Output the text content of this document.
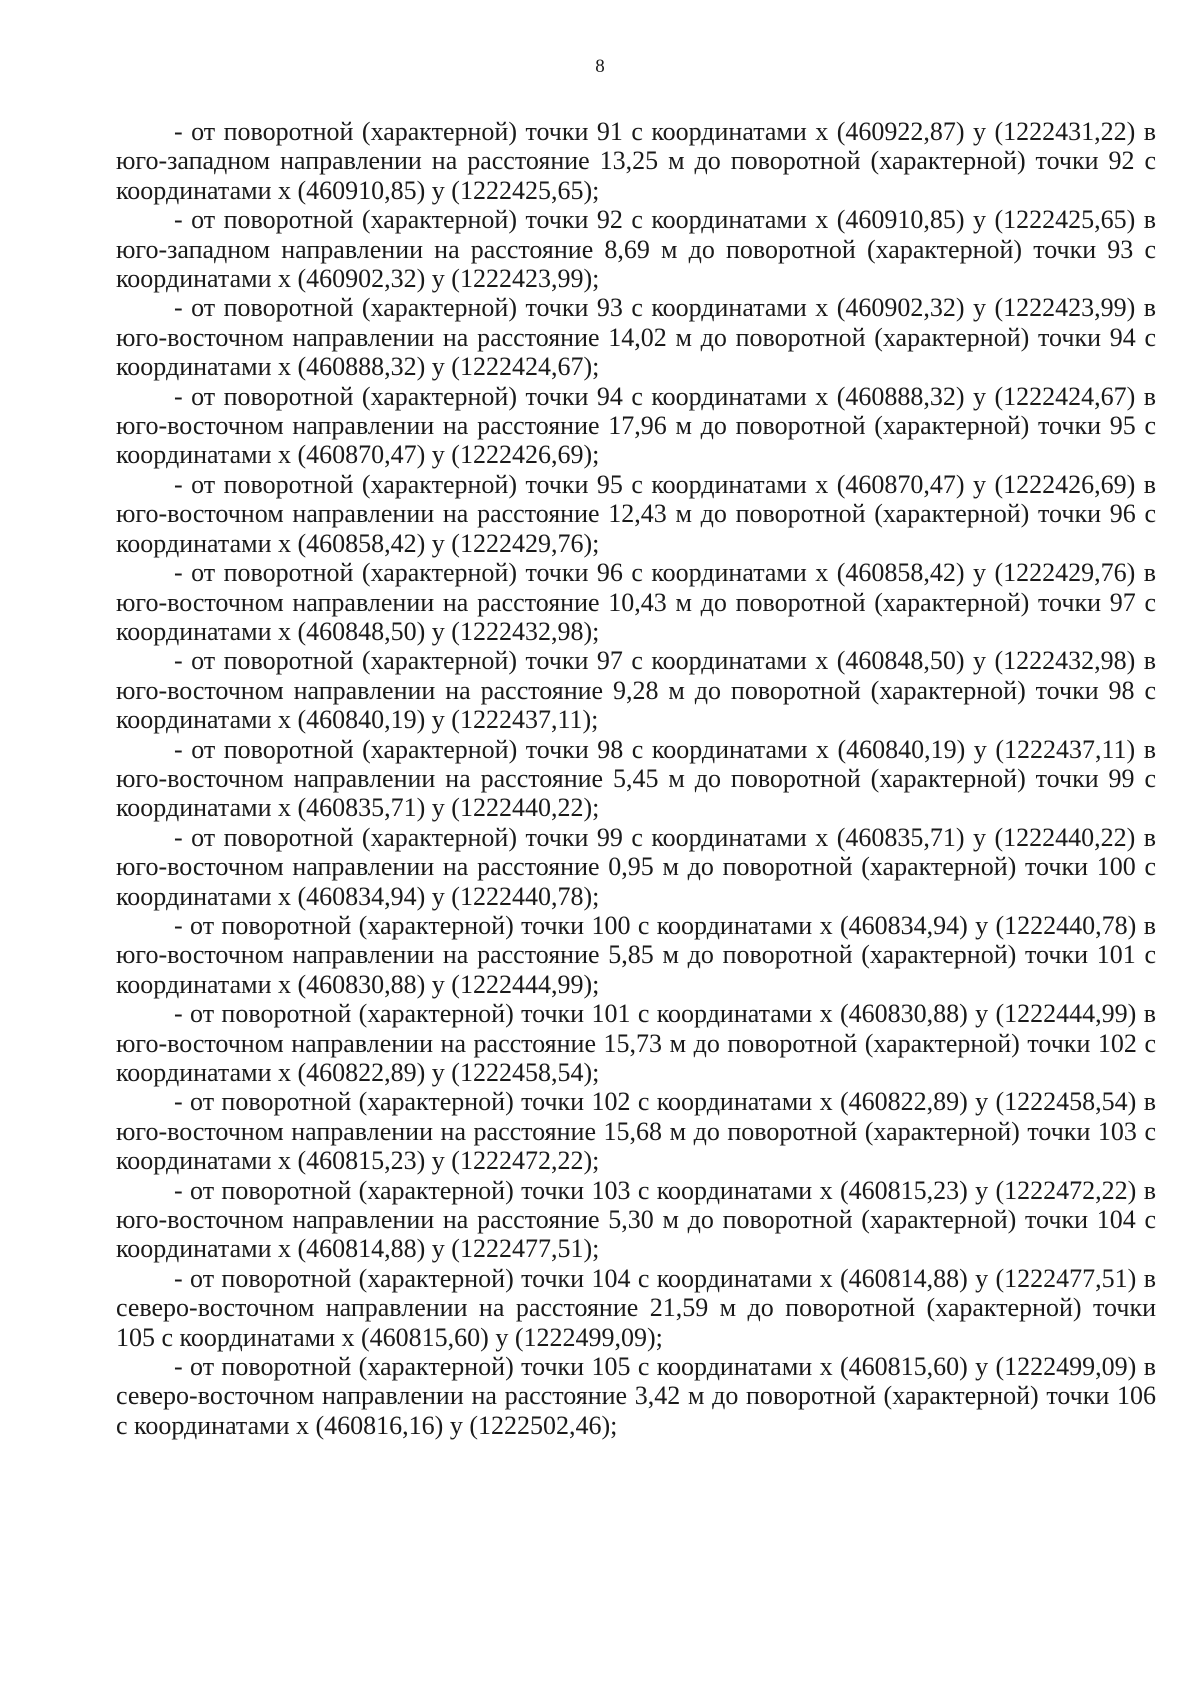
8

- от поворотной (характерной) точки 91 с координатами х (460922,87) у (1222431,22) в юго-западном направлении на расстояние 13,25 м до поворотной (характерной) точки 92 с координатами х (460910,85) у (1222425,65);

- от поворотной (характерной) точки 92 с координатами х (460910,85) у (1222425,65) в юго-западном направлении на расстояние 8,69 м до поворотной (характерной) точки 93 с координатами х (460902,32) у (1222423,99);

- от поворотной (характерной) точки 93 с координатами х (460902,32) у (1222423,99) в юго-восточном направлении на расстояние 14,02 м до поворотной (характерной) точки 94 с координатами х (460888,32) у (1222424,67);

- от поворотной (характерной) точки 94 с координатами х (460888,32) у (1222424,67) в юго-восточном направлении на расстояние 17,96 м до поворотной (характерной) точки 95 с координатами х (460870,47) у (1222426,69);

- от поворотной (характерной) точки 95 с координатами х (460870,47) у (1222426,69) в юго-восточном направлении на расстояние 12,43 м до поворотной (характерной) точки 96 с координатами х (460858,42) у (1222429,76);

- от поворотной (характерной) точки 96 с координатами х (460858,42) у (1222429,76) в юго-восточном направлении на расстояние 10,43 м до поворотной (характерной) точки 97 с координатами х (460848,50) у (1222432,98);

- от поворотной (характерной) точки 97 с координатами х (460848,50) у (1222432,98) в юго-восточном направлении на расстояние 9,28 м до поворотной (характерной) точки 98 с координатами х (460840,19) у (1222437,11);

- от поворотной (характерной) точки 98 с координатами х (460840,19) у (1222437,11) в юго-восточном направлении на расстояние 5,45 м до поворотной (характерной) точки 99 с координатами х (460835,71) у (1222440,22);

- от поворотной (характерной) точки 99 с координатами х (460835,71) у (1222440,22) в юго-восточном направлении на расстояние 0,95 м до поворотной (характерной) точки 100 с координатами х (460834,94) у (1222440,78);

- от поворотной (характерной) точки 100 с координатами х (460834,94) у (1222440,78) в юго-восточном направлении на расстояние 5,85 м до поворотной (характерной) точки 101 с координатами х (460830,88) у (1222444,99);

- от поворотной (характерной) точки 101 с координатами х (460830,88) у (1222444,99) в юго-восточном направлении на расстояние 15,73 м до поворотной (характерной) точки 102 с координатами х (460822,89) у (1222458,54);

- от поворотной (характерной) точки 102 с координатами х (460822,89) у (1222458,54) в юго-восточном направлении на расстояние 15,68 м до поворотной (характерной) точки 103 с координатами х (460815,23) у (1222472,22);

- от поворотной (характерной) точки 103 с координатами х (460815,23) у (1222472,22) в юго-восточном направлении на расстояние 5,30 м до поворотной (характерной) точки 104 с координатами х (460814,88) у (1222477,51);

- от поворотной (характерной) точки 104 с координатами х (460814,88) у (1222477,51) в северо-восточном направлении на расстояние 21,59 м до поворотной (характерной) точки 105 с координатами х (460815,60) у (1222499,09);

- от поворотной (характерной) точки 105 с координатами х (460815,60) у (1222499,09) в северо-восточном направлении на расстояние 3,42 м до поворотной (характерной) точки 106 с координатами х (460816,16) у (1222502,46);
